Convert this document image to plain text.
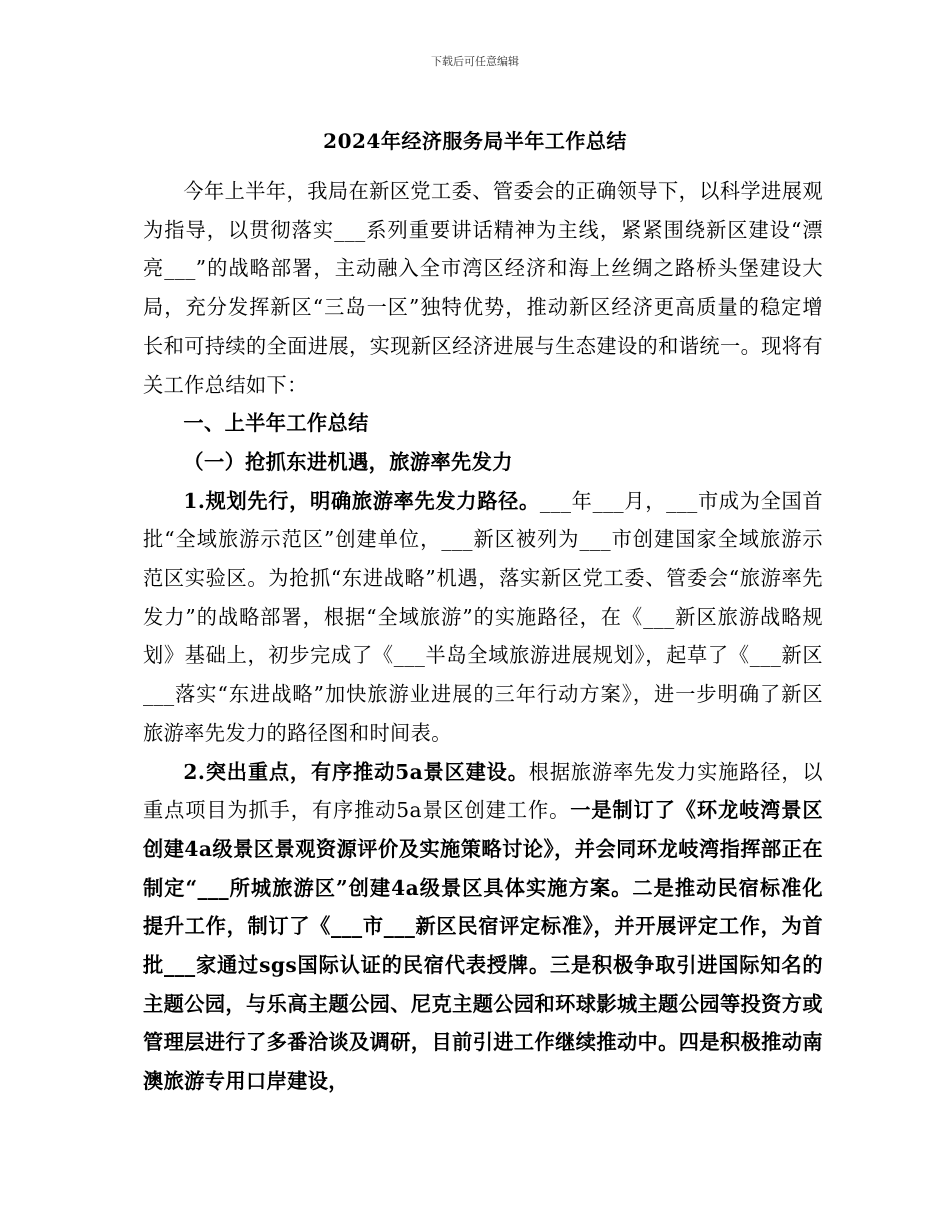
下载后可任意编辑
2024年经济服务局半年工作总结

今年上半年，我局在新区党工委、管委会的正确领导下，以科学进展观为指导，以贯彻落实___系列重要讲话精神为主线，紧紧围绕新区建设“漂亮___”的战略部署，主动融入全市湾区经济和海上丝绸之路桥头堡建设大局，充分发挥新区“三岛一区”独特优势，推动新区经济更高质量的稳定增长和可持续的全面进展，实现新区经济进展与生态建设的和谐统一。现将有关工作总结如下：

一、上半年工作总结

（一）抢抓东进机遇，旅游率先发力

1.规划先行，明确旅游率先发力路径。___年___月，___市成为全国首批“全域旅游示范区”创建单位，___新区被列为___市创建国家全域旅游示范区实验区。为抢抓“东进战略”机遇，落实新区党工委、管委会“旅游率先发力”的战略部署，根据“全域旅游”的实施路径，在《___新区旅游战略规划》基础上，初步完成了《___半岛全域旅游进展规划》，起草了《___新区___落实“东进战略”加快旅游业进展的三年行动方案》，进一步明确了新区旅游率先发力的路径图和时间表。

2.突出重点，有序推动5a景区建设。根据旅游率先发力实施路径，以重点项目为抓手，有序推动5a景区创建工作。一是制订了《环龙岐湾景区创建4a级景区景观资源评价及实施策略讨论》，并会同环龙岐湾指挥部正在制定“___所城旅游区”创建4a级景区具体实施方案。二是推动民宿标准化提升工作，制订了《___市___新区民宿评定标准》，并开展评定工作，为首批___家通过sgs国际认证的民宿代表授牌。三是积极争取引进国际知名的主题公园，与乐高主题公园、尼克主题公园和环球影城主题公园等投资方或管理层进行了多番洽谈及调研，目前引进工作继续推动中。四是积极推动南澳旅游专用口岸建设，
